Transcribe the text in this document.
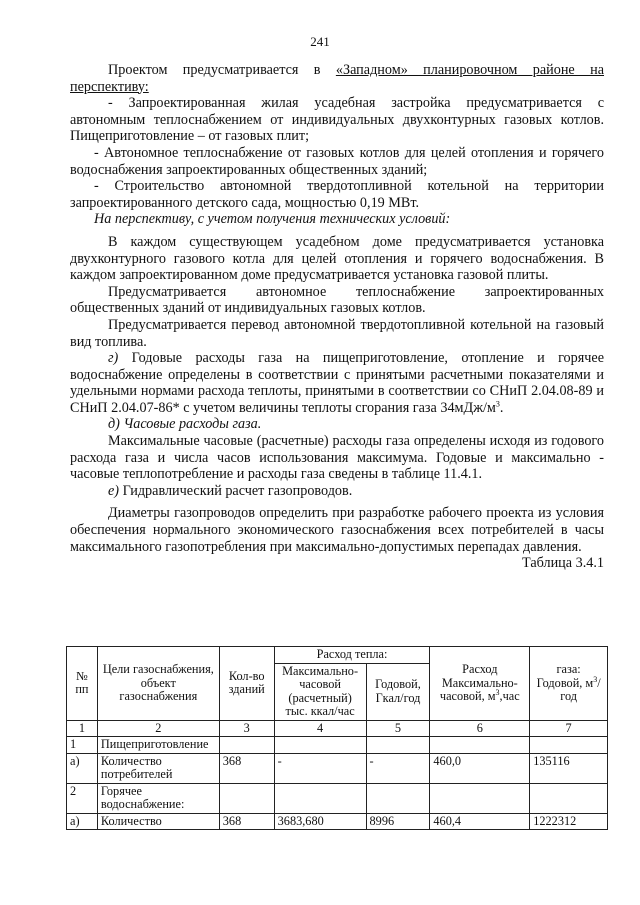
241

Проектом предусматривается в «Западном» планировочном районе на перспективу:

- Запроектированная жилая усадебная застройка предусматривается с автономным теплоснабжением от индивидуальных двухконтурных газовых котлов. Пищеприготовление – от газовых плит;

- Автономное теплоснабжение от газовых котлов для целей отопления и горячего водоснабжения запроектированных общественных зданий;

- Строительство автономной твердотопливной котельной на территории запроектированного детского сада, мощностью 0,19 МВт.

На перспективу, с учетом получения технических условий:

В каждом существующем усадебном доме предусматривается установка двухконтурного газового котла для целей отопления и горячего водоснабжения. В каждом запроектированном доме предусматривается установка газовой плиты.

Предусматривается автономное теплоснабжение запроектированных общественных зданий от индивидуальных газовых котлов.

Предусматривается перевод автономной твердотопливной котельной на газовый вид топлива.

г) Годовые расходы газа на пищеприготовление, отопление и горячее водоснабжение определены в соответствии с принятыми расчетными показателями и удельными нормами расхода теплоты, принятыми в соответствии со СНиП 2.04.08-89 и СНиП 2.04.07-86* с учетом величины теплоты сгорания газа $34мДж/м^3$.

д) Часовые расходы газа.

Максимальные часовые (расчетные) расходы газа определены исходя из годового расхода газа и числа часов использования максимума. Годовые и максимально - часовые теплопотребление и расходы газа сведены в таблице 11.4.1.

е) Гидравлический расчет газопроводов.

Диаметры газопроводов определить при разработке рабочего проекта из условия обеспечения нормального экономического газоснабжения всех потребителей в часы максимального газопотребления при максимально-допустимых перепадах давления.

Таблица 3.4.1

№ пп	Цели газоснабжения, объект газоснабжения	Кол-во зданий	Расход тепла:		Расход Максимально-часовой, $м^3,час$	газа: Годовой, $м^3$/год
			Максимально-часовой (расчетный) тыс. ккал/час	Годовой, Гкал/год		
1	2	3	4	5	6	7
1	Пищеприготовление					
а)	Количество потребителей	368	-	-	460,0	135116
2	Горячее водоснабжение:					
а)	Количество	368	3683,680	8996	460,4	1222312
